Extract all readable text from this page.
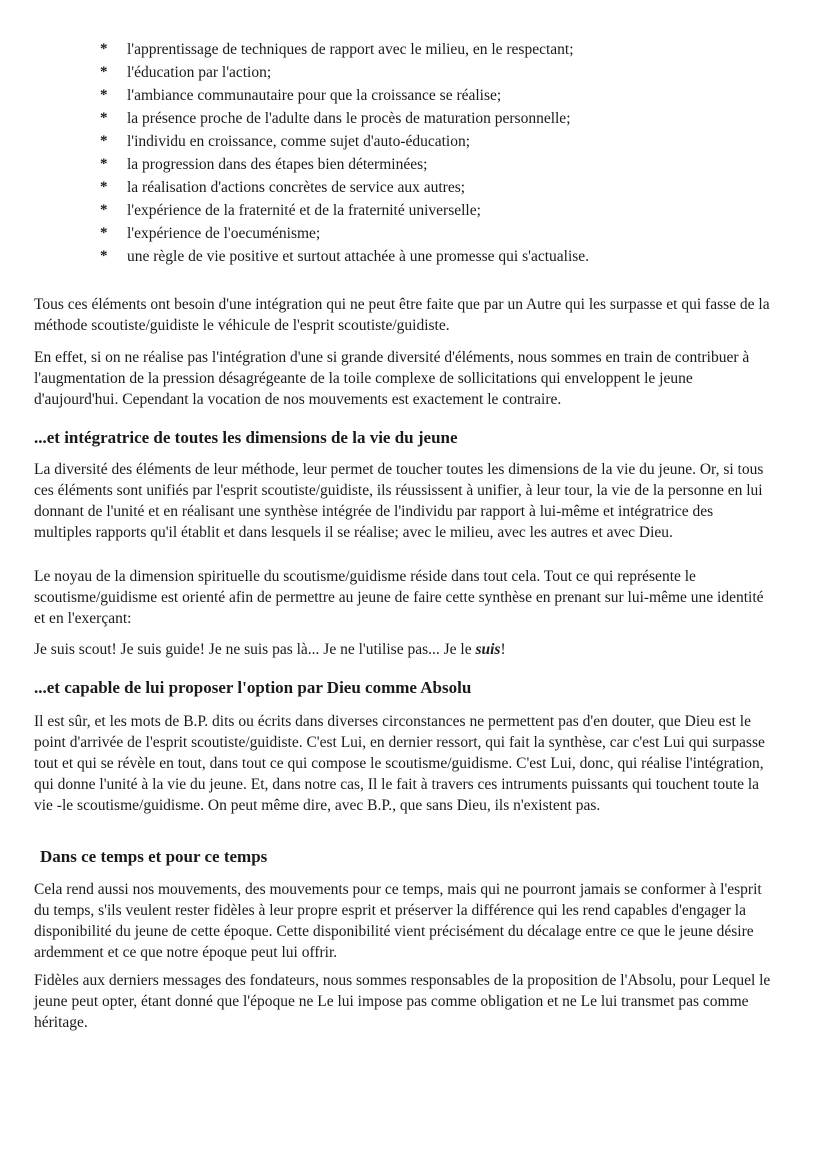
* l'apprentissage de techniques de rapport avec le milieu, en le respectant;
* l'éducation par l'action;
* l'ambiance communautaire pour que la croissance se réalise;
* la présence proche de l'adulte dans le procès de maturation personnelle;
* l'individu en croissance, comme sujet d'auto-éducation;
* la progression dans des étapes bien déterminées;
* la réalisation d'actions concrètes de service aux autres;
* l'expérience de la fraternité et de la fraternité universelle;
* l'expérience de l'oecuménisme;
* une règle de vie positive et surtout attachée à une promesse qui s'actualise.

Tous ces éléments ont besoin d'une intégration qui ne peut être faite que par un Autre qui les surpasse et qui fasse de la méthode scoutiste/guidiste le véhicule de l'esprit scoutiste/guidiste.

En effet, si on ne réalise pas l'intégration d'une si grande diversité d'éléments, nous sommes en train de contribuer à l'augmentation de la pression désagrégeante de la toile complexe de sollicitations qui enveloppent le jeune d'aujourd'hui. Cependant la vocation de nos mouvements est exactement le contraire.

...et intégratrice de toutes les dimensions de la vie du jeune

La diversité des éléments de leur méthode, leur permet de toucher toutes les dimensions de la vie du jeune. Or, si tous ces éléments sont unifiés par l'esprit scoutiste/guidiste, ils réussissent à unifier, à leur tour, la vie de la personne en lui donnant de l'unité et en réalisant une synthèse intégrée de l'individu par rapport à lui-même et intégratrice des multiples rapports qu'il établit et dans lesquels il se réalise; avec le milieu, avec les autres et avec Dieu.

Le noyau de la dimension spirituelle du scoutisme/guidisme réside dans tout cela. Tout ce qui représente le scoutisme/guidisme est orienté afin de permettre au jeune de faire cette synthèse en prenant sur lui-même une identité et en l'exerçant:

Je suis scout! Je suis guide! Je ne suis pas là... Je ne l'utilise pas... Je le suis!

...et capable de lui proposer l'option par Dieu comme Absolu

Il est sûr, et les mots de B.P. dits ou écrits dans diverses circonstances ne permettent pas d'en douter, que Dieu est le point d'arrivée de l'esprit scoutiste/guidiste. C'est Lui, en dernier ressort, qui fait la synthèse, car c'est Lui qui surpasse tout et qui se révèle en tout, dans tout ce qui compose le scoutisme/guidisme. C'est Lui, donc, qui réalise l'intégration, qui donne l'unité à la vie du jeune. Et, dans notre cas, Il le fait à travers ces intruments puissants qui touchent toute la vie -le scoutisme/guidisme. On peut même dire, avec B.P., que sans Dieu, ils n'existent pas.

Dans ce temps et pour ce temps

Cela rend aussi nos mouvements, des mouvements pour ce temps, mais qui ne pourront jamais se conformer à l'esprit du temps, s'ils veulent rester fidèles à leur propre esprit et préserver la différence qui les rend capables d'engager la disponibilité du jeune de cette époque. Cette disponibilité vient précisément du décalage entre ce que le jeune désire ardemment et ce que notre époque peut lui offrir.

Fidèles aux derniers messages des fondateurs, nous sommes responsables de la proposition de l'Absolu, pour Lequel le jeune peut opter, étant donné que l'époque ne Le lui impose pas comme obligation et ne Le lui transmet pas comme héritage.
